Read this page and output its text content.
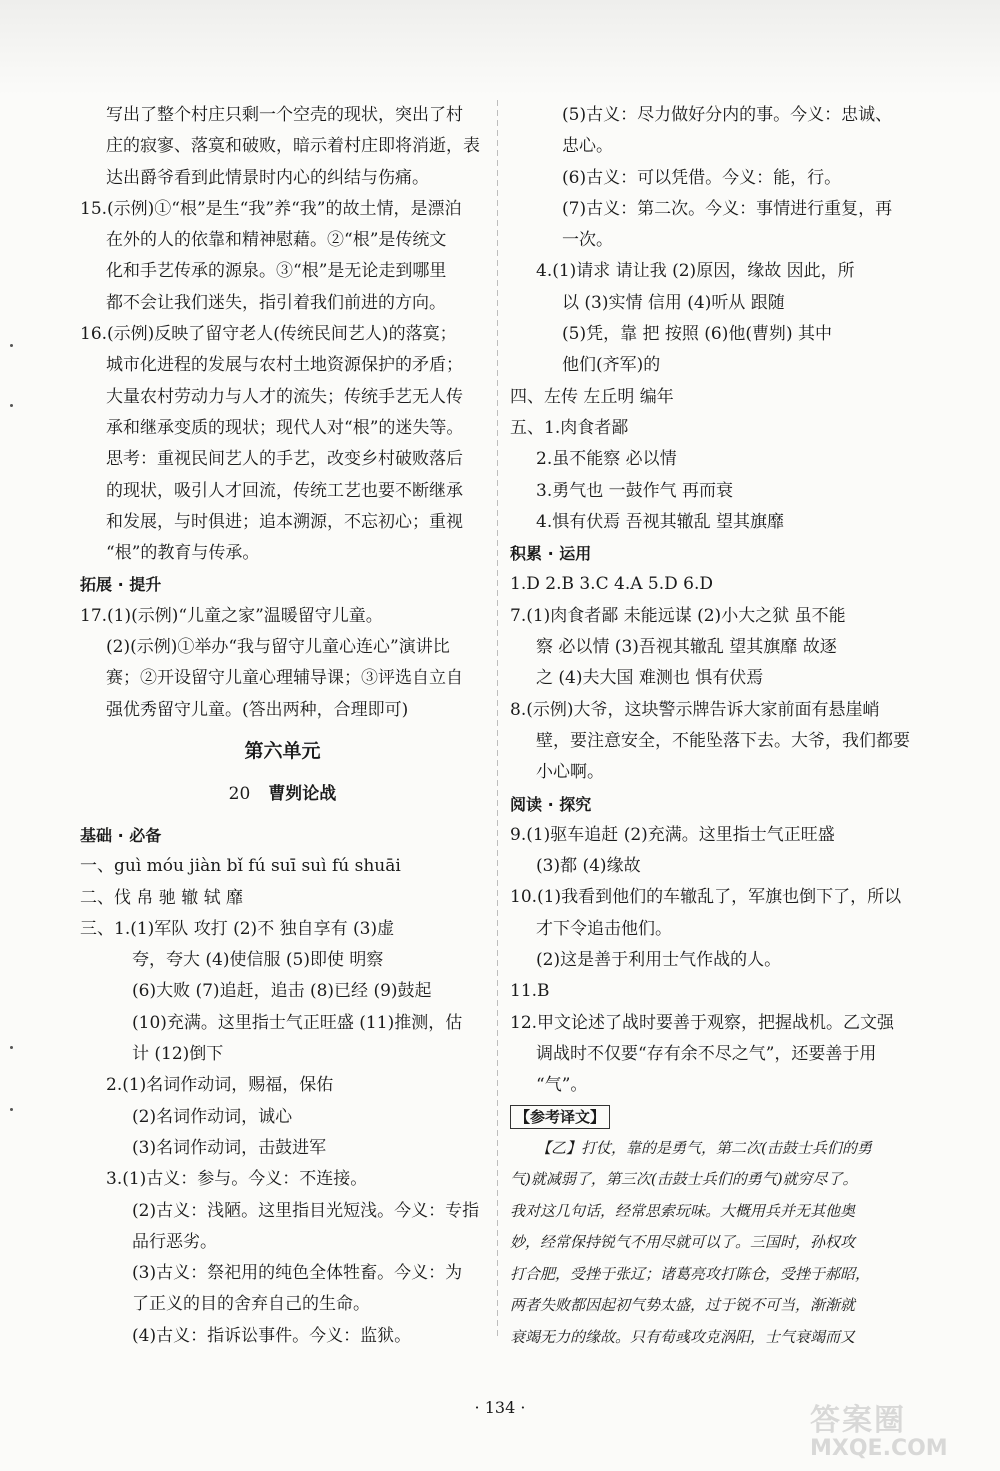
写出了整个村庄只剩一个空壳的现状，突出了村
庄的寂寥、落寞和破败，暗示着村庄即将消逝，表
达出爵爷看到此情景时内心的纠结与伤痛。
15.(示例)①“根”是生“我”养“我”的故土情，是漂泊
在外的人的依靠和精神慰藉。②“根”是传统文
化和手艺传承的源泉。③“根”是无论走到哪里
都不会让我们迷失，指引着我们前进的方向。
16.(示例)反映了留守老人(传统民间艺人)的落寞；
城市化进程的发展与农村土地资源保护的矛盾；
大量农村劳动力与人才的流失；传统手艺无人传
承和继承变质的现状；现代人对“根”的迷失等。
思考：重视民间艺人的手艺，改变乡村破败落后
的现状，吸引人才回流，传统工艺也要不断继承
和发展，与时俱进；追本溯源，不忘初心；重视
“根”的教育与传承。
拓展 · 提升
17.(1)(示例)“儿童之家”温暖留守儿童。
(2)(示例)①举办“我与留守儿童心连心”演讲比
赛；②开设留守儿童心理辅导课；③评选自立自
强优秀留守儿童。(答出两种，合理即可)
第六单元
20 曹刿论战
基础 · 必备
一、guì móu jiàn bǐ fú suī suì fú shuāi
二、伐 帛 驰 辙 轼 靡
三、1.(1)军队 攻打 (2)不 独自享有 (3)虚
夸，夸大 (4)使信服 (5)即使 明察
(6)大败 (7)追赶，追击 (8)已经 (9)鼓起
(10)充满。这里指士气正旺盛 (11)推测，估
计 (12)倒下
2.(1)名词作动词，赐福，保佑
(2)名词作动词，诚心
(3)名词作动词，击鼓进军
3.(1)古义：参与。今义：不连接。
(2)古义：浅陋。这里指目光短浅。今义：专指
品行恶劣。
(3)古义：祭祀用的纯色全体牲畜。今义：为
了正义的目的舍弃自己的生命。
(4)古义：指诉讼事件。今义：监狱。
(5)古义：尽力做好分内的事。今义：忠诚、
忠心。
(6)古义：可以凭借。今义：能，行。
(7)古义：第二次。今义：事情进行重复，再
一次。
4.(1)请求 请让我 (2)原因，缘故 因此，所
以 (3)实情 信用 (4)听从 跟随
(5)凭，靠 把 按照 (6)他(曹刿) 其中
他们(齐军)的
四、左传 左丘明 编年
五、1.肉食者鄙
2.虽不能察 必以情
3.勇气也 一鼓作气 再而衰
4.惧有伏焉 吾视其辙乱 望其旗靡
积累 · 运用
1.D 2.B 3.C 4.A 5.D 6.D
7.(1)肉食者鄙 未能远谋 (2)小大之狱 虽不能
察 必以情 (3)吾视其辙乱 望其旗靡 故逐
之 (4)夫大国 难测也 惧有伏焉
8.(示例)大爷，这块警示牌告诉大家前面有悬崖峭
壁，要注意安全，不能坠落下去。大爷，我们都要
小心啊。
阅读 · 探究
9.(1)驱车追赶 (2)充满。这里指士气正旺盛
(3)都 (4)缘故
10.(1)我看到他们的车辙乱了，军旗也倒下了，所以
才下令追击他们。
(2)这是善于利用士气作战的人。
11.B
12.甲文论述了战时要善于观察，把握战机。乙文强
调战时不仅要“存有余不尽之气”，还要善于用
“气”。
【参考译文】
【乙】打仗，靠的是勇气，第二次(击鼓士兵们的勇
气)就减弱了，第三次(击鼓士兵们的勇气)就穷尽了。
我对这几句话，经常思索玩味。大概用兵并无其他奥
妙，经常保持锐气不用尽就可以了。三国时，孙权攻
打合肥，受挫于张辽；诸葛亮攻打陈仓，受挫于郝昭，
两者失败都因起初气势太盛，过于锐不可当，渐渐就
衰竭无力的缘故。只有荀彧攻克涡阳，士气衰竭而又
· 134 ·	答案圈
MXQE.COM
